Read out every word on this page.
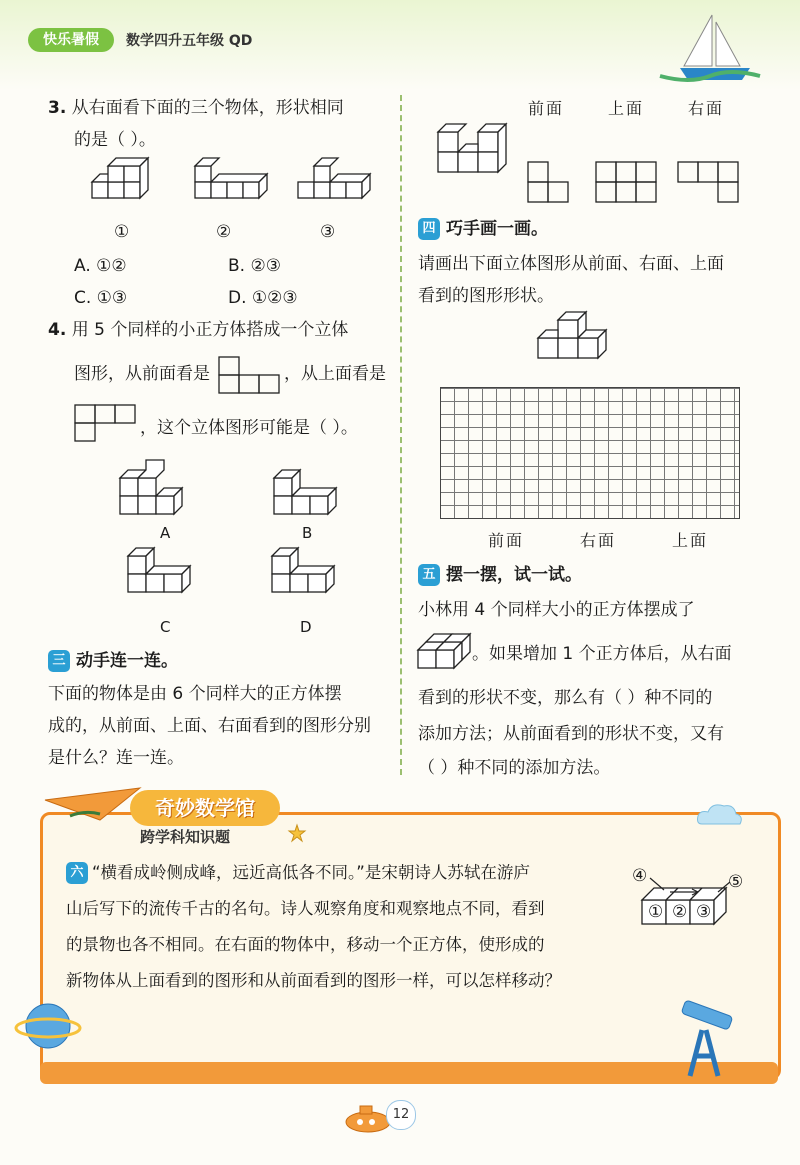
快乐暑假	数学四升五年级 QD
3. 从右面看下面的三个物体，形状相同
的是（ ）。
①	②	③
A. ①②	B. ②③
C. ①③	D. ①②③
4. 用 5 个同样的小正方体搭成一个立体
图形，从前面看是	，从上面看是
，这个立体图形可能是（ ）。
A	B
C	D
三 动手连一连。
下面的物体是由 6 个同样大的正方体摆
成的，从前面、上面、右面看到的图形分别
是什么？连一连。
前面	上面	右面
四 巧手画一画。
请画出下面立体图形从前面、右面、上面
看到的图形形状。
前面	右面	上面
五 摆一摆，试一试。
小林用 4 个同样大小的正方体摆成了
。如果增加 1 个正方体后，从右面
看到的形状不变，那么有（ ）种不同的
添加方法；从前面看到的形状不变，又有
（ ）种不同的添加方法。
奇妙数学馆
跨学科知识题
六 “横看成岭侧成峰，远近高低各不同。”是宋朝诗人苏轼在游庐
山后写下的流传千古的名句。诗人观察角度和观察地点不同，看到
的景物也各不相同。在右面的物体中，移动一个正方体，使形成的
新物体从上面看到的图形和从前面看到的图形一样，可以怎样移动？
① ② ③
④	⑤
12
